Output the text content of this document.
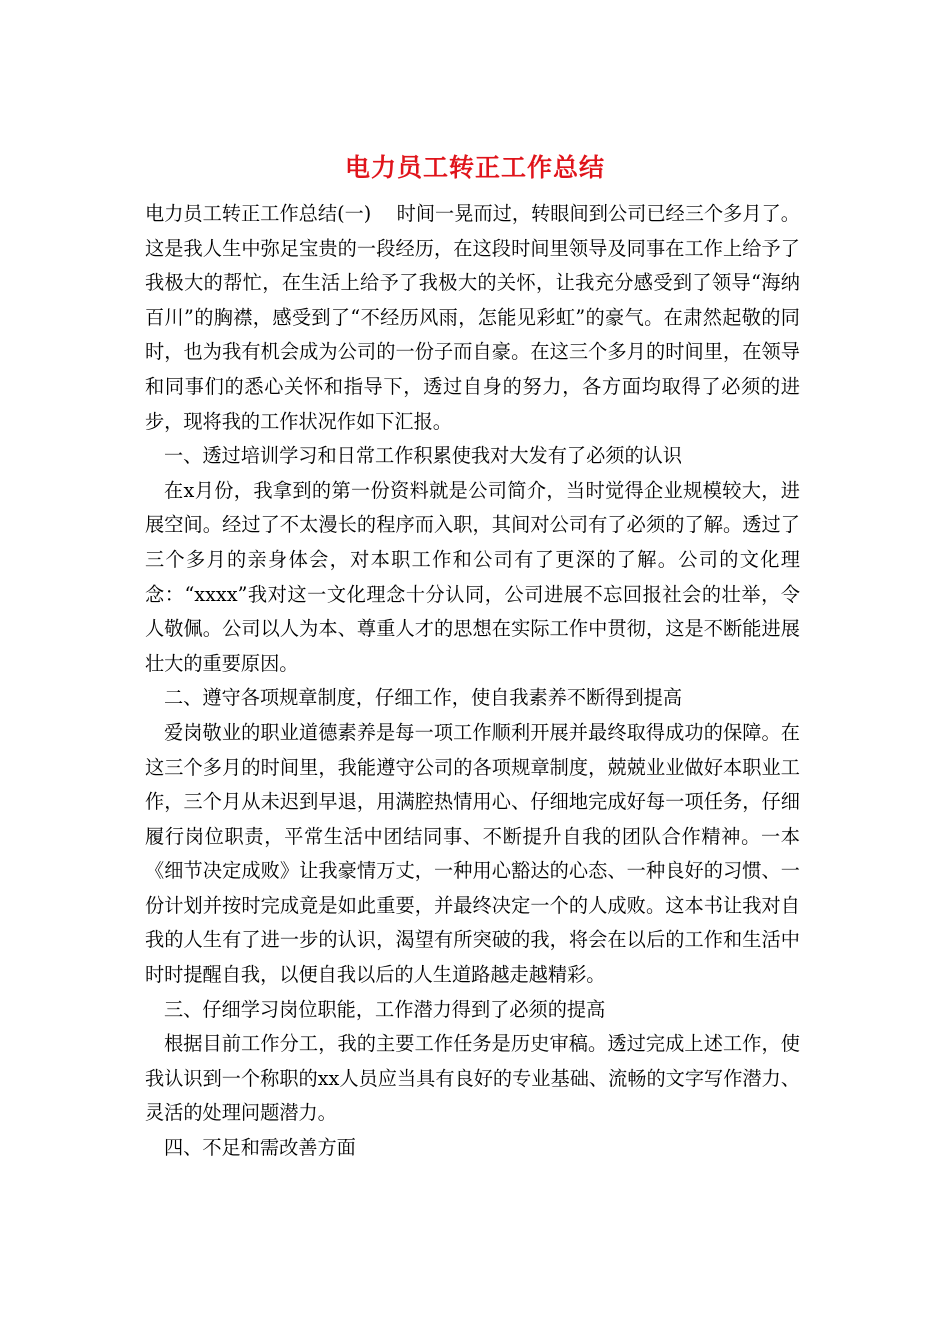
电力员工转正工作总结

电力员工转正工作总结(一)　 时间一晃而过，转眼间到公司已经三个多月了。这是我人生中弥足宝贵的一段经历，在这段时间里领导及同事在工作上给予了我极大的帮忙，在生活上给予了我极大的关怀，让我充分感受到了领导“海纳百川”的胸襟，感受到了“不经历风雨，怎能见彩虹”的豪气。在肃然起敬的同时，也为我有机会成为公司的一份子而自豪。在这三个多月的时间里，在领导和同事们的悉心关怀和指导下，透过自身的努力，各方面均取得了必须的进步，现将我的工作状况作如下汇报。

一、透过培训学习和日常工作积累使我对大发有了必须的认识

在x月份，我拿到的第一份资料就是公司简介，当时觉得企业规模较大，进展空间。经过了不太漫长的程序而入职，其间对公司有了必须的了解。透过了三个多月的亲身体会，对本职工作和公司有了更深的了解。公司的文化理念：“xxxx”我对这一文化理念十分认同，公司进展不忘回报社会的壮举，令人敬佩。公司以人为本、尊重人才的思想在实际工作中贯彻，这是不断能进展壮大的重要原因。

二、遵守各项规章制度，仔细工作，使自我素养不断得到提高

爱岗敬业的职业道德素养是每一项工作顺利开展并最终取得成功的保障。在这三个多月的时间里，我能遵守公司的各项规章制度，兢兢业业做好本职业工作，三个月从未迟到早退，用满腔热情用心、仔细地完成好每一项任务，仔细履行岗位职责，平常生活中团结同事、不断提升自我的团队合作精神。一本《细节决定成败》让我豪情万丈，一种用心豁达的心态、一种良好的习惯、一份计划并按时完成竟是如此重要，并最终决定一个的人成败。这本书让我对自我的人生有了进一步的认识，渴望有所突破的我，将会在以后的工作和生活中时时提醒自我，以便自我以后的人生道路越走越精彩。

三、仔细学习岗位职能，工作潜力得到了必须的提高

根据目前工作分工，我的主要工作任务是历史审稿。透过完成上述工作，使我认识到一个称职的xx人员应当具有良好的专业基础、流畅的文字写作潜力、灵活的处理问题潜力。

四、不足和需改善方面
